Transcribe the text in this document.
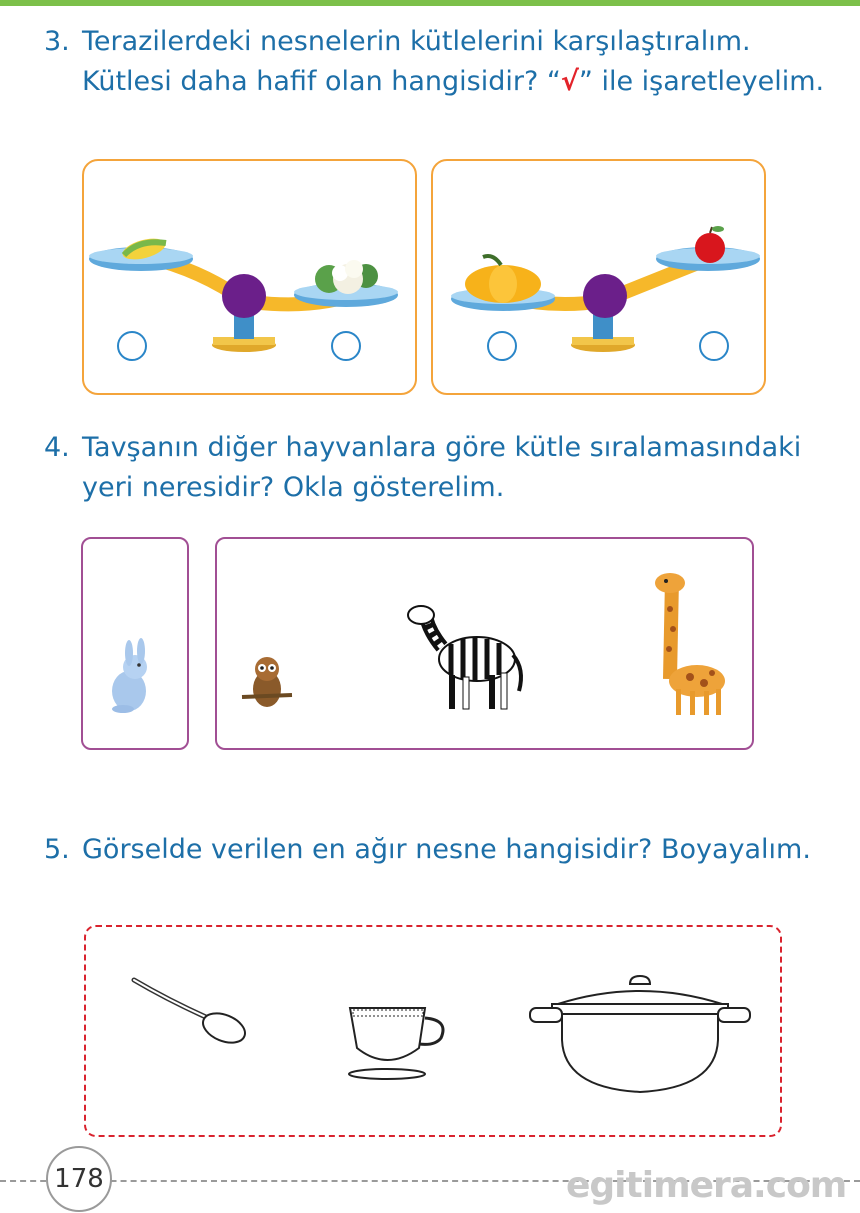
3. Terazilerdeki nesnelerin kütlelerini karşılaştıralım.
Kütlesi daha hafif olan hangisidir? “√” ile işaretleyelim.
4. Tavşanın diğer hayvanlara göre kütle sıralamasındaki
yeri neresidir? Okla gösterelim.
5. Görselde verilen en ağır nesne hangisidir? Boyayalım.
178	egitimera.com
